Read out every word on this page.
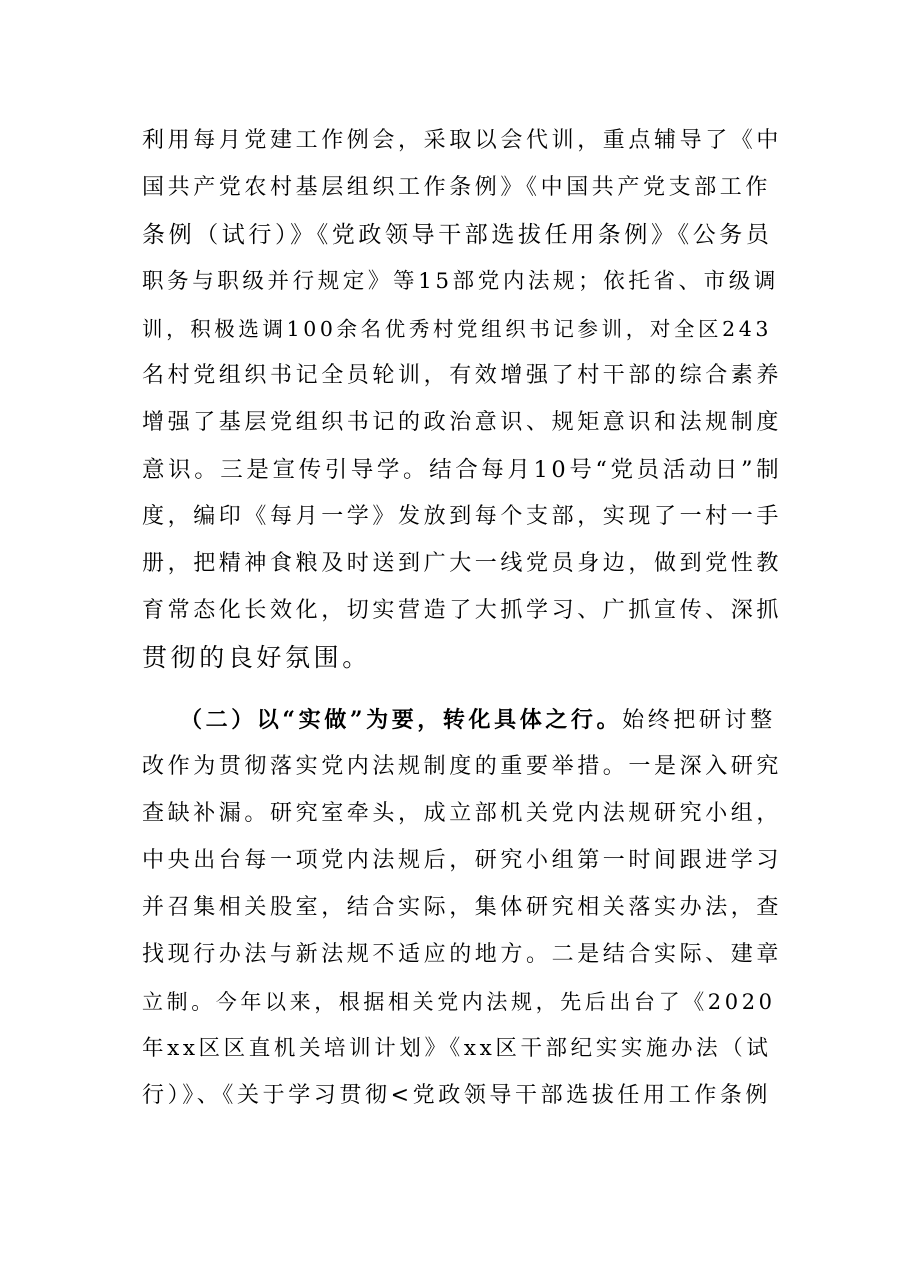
利用每月党建工作例会，采取以会代训，重点辅导了《中
国共产党农村基层组织工作条例》《中国共产党支部工作
条例（试行）》《党政领导干部选拔任用条例》《公务员
职务与职级并行规定》等15部党内法规；依托省、市级调
训，积极选调100余名优秀村党组织书记参训，对全区243
名村党组织书记全员轮训，有效增强了村干部的综合素养
增强了基层党组织书记的政治意识、规矩意识和法规制度
意识。三是宣传引导学。结合每月10号“党员活动日”制
度，编印《每月一学》发放到每个支部，实现了一村一手
册，把精神食粮及时送到广大一线党员身边，做到党性教
育常态化长效化，切实营造了大抓学习、广抓宣传、深抓
贯彻的良好氛围。
（二）以“实做”为要，转化具体之行。始终把研讨整
改作为贯彻落实党内法规制度的重要举措。一是深入研究
查缺补漏。研究室牵头，成立部机关党内法规研究小组，
中央出台每一项党内法规后，研究小组第一时间跟进学习
并召集相关股室，结合实际，集体研究相关落实办法，查
找现行办法与新法规不适应的地方。二是结合实际、建章
立制。今年以来，根据相关党内法规，先后出台了《2020
年xx区区直机关培训计划》《xx区干部纪实实施办法（试
行）》、《关于学习贯彻<党政领导干部选拔任用工作条例
